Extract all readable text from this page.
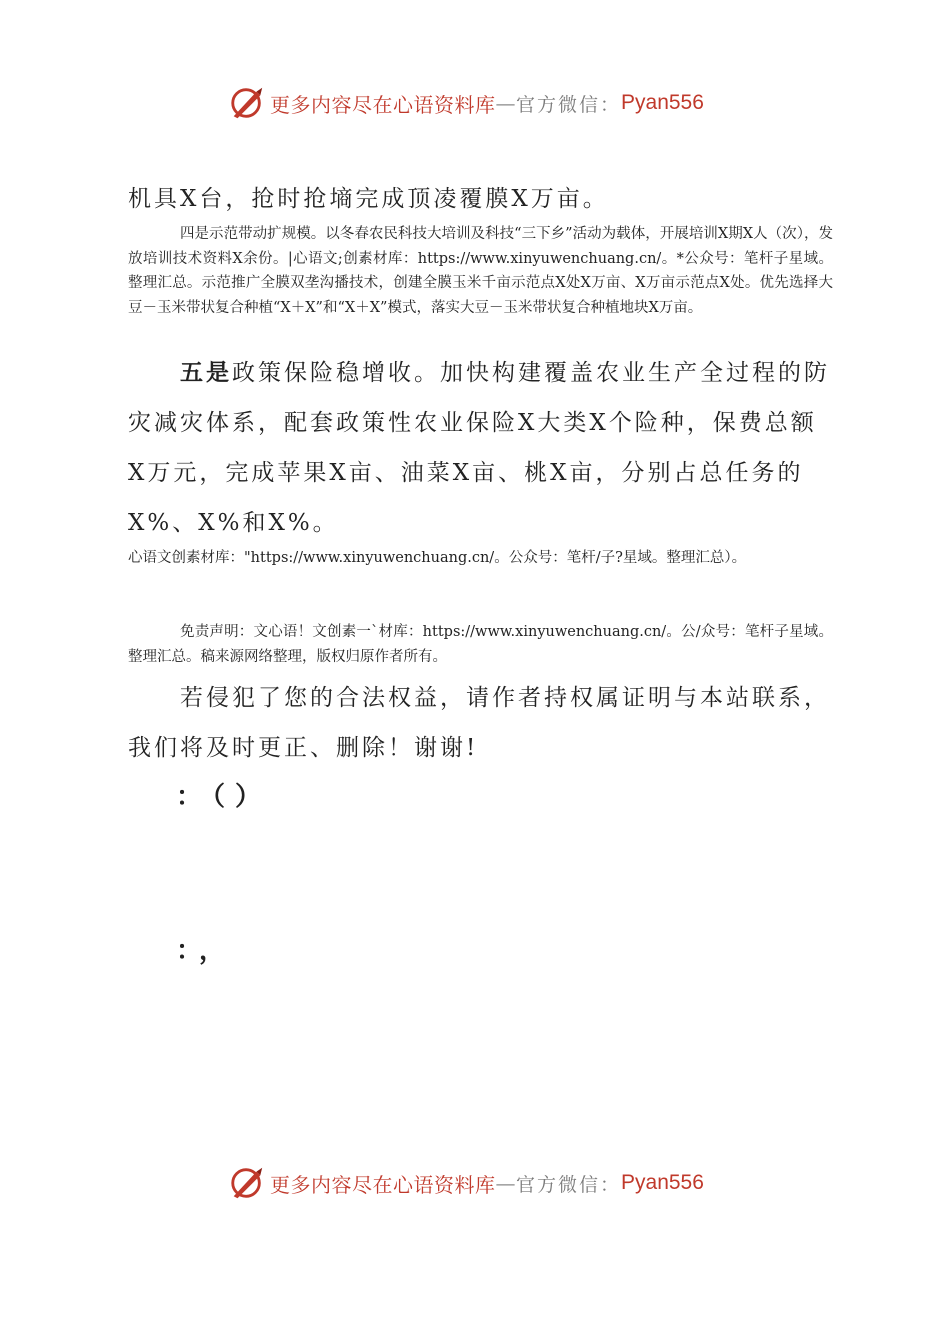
更多内容尽在心语资料库 — 官方微信： Pyan556

机具X台，抢时抢墒完成顶凌覆膜X万亩。

四是示范带动扩规模。以冬春农民科技大培训及科技“三下乡”活动为载体，开展培训X期X人（次），发放培训技术资料X余份。|心语文;创素材库：https://www.xinyuwenchuang.cn/。*公众号：笔杆子星域。整理汇总。示范推广全膜双垄沟播技术，创建全膜玉米千亩示范点X处X万亩、X万亩示范点X处。优先选择大豆－玉米带状复合种植“X＋X”和“X＋X”模式，落实大豆－玉米带状复合种植地块X万亩。

五是政策保险稳增收。加快构建覆盖农业生产全过程的防灾减灾体系，配套政策性农业保险X大类X个险种，保费总额X万元，完成苹果X亩、油菜X亩、桃X亩，分别占总任务的X%、X%和X%。

心语文创素材库："https://www.xinyuwenchuang.cn/。公众号：笔杆/子?星域。整理汇总）。

免责声明：文心语！文创素一`材库：https://www.xinyuwenchuang.cn/。公/众号：笔杆子星域。整理汇总。稿来源网络整理，版权归原作者所有。

若侵犯了您的合法权益，请作者持权属证明与本站联系，我们将及时更正、删除！谢谢!

：（）
：，
更多内容尽在心语资料库 — 官方微信： Pyan556
